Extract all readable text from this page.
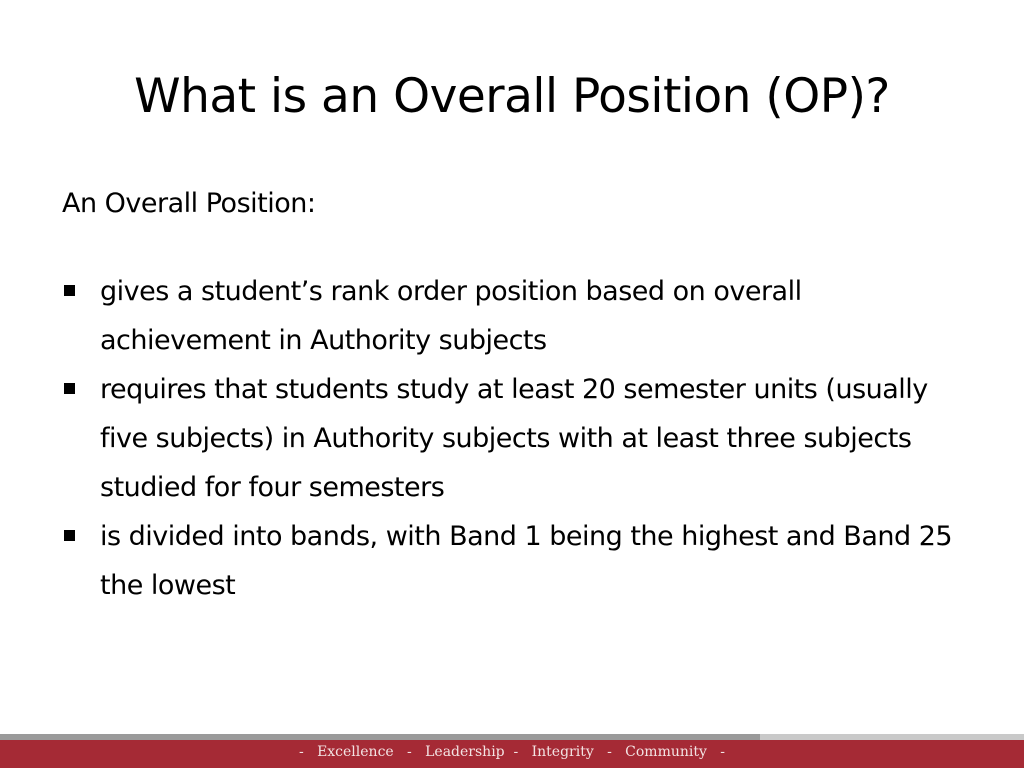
What is an Overall Position (OP)?
An Overall Position:
gives a student’s rank order position based on overall achievement in Authority subjects
requires that students study at least 20 semester units (usually five subjects) in Authority subjects with at least three subjects studied for four semesters
is divided into bands, with Band 1 being the highest and Band 25 the lowest
-   Excellence   -   Leadership  -   Integrity   -   Community   -
